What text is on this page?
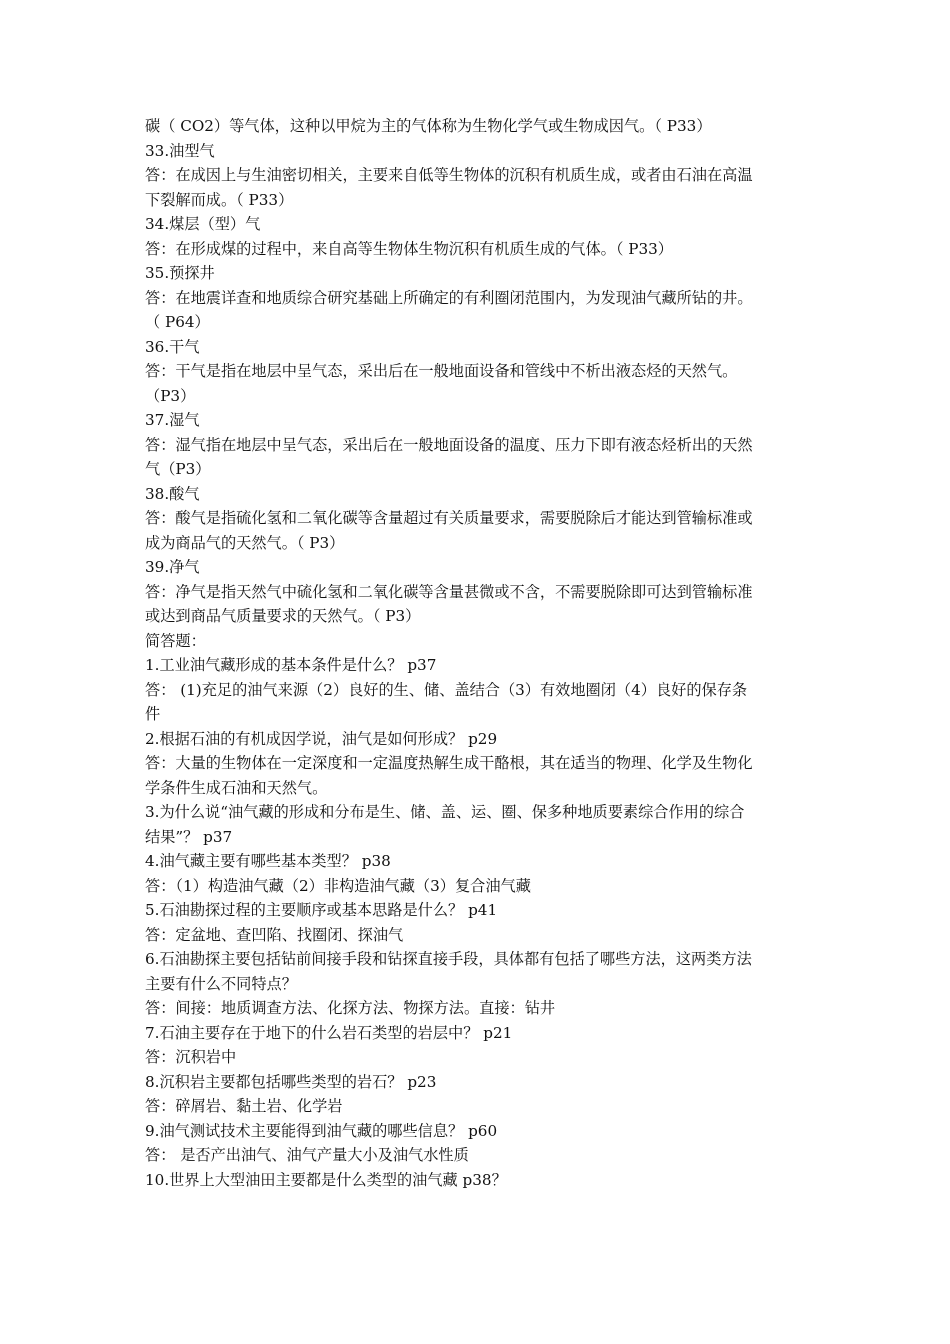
碳（ CO2）等气体，这种以甲烷为主的气体称为生物化学气或生物成因气。（ P33）
33.油型气
答：在成因上与生油密切相关，主要来自低等生物体的沉积有机质生成，或者由石油在高温
下裂解而成。（ P33）
34.煤层（型）气
答：在形成煤的过程中，来自高等生物体生物沉积有机质生成的气体。（ P33）
35.预探井
答：在地震详查和地质综合研究基础上所确定的有利圈闭范围内，为发现油气藏所钻的井。
（ P64）
36.干气
答：干气是指在地层中呈气态，采出后在一般地面设备和管线中不析出液态烃的天然气。
（P3）
37.湿气
答：湿气指在地层中呈气态，采出后在一般地面设备的温度、压力下即有液态烃析出的天然
气（P3）
38.酸气
答：酸气是指硫化氢和二氧化碳等含量超过有关质量要求，需要脱除后才能达到管输标准或
成为商品气的天然气。（ P3）
39.净气
答：净气是指天然气中硫化氢和二氧化碳等含量甚微或不含，不需要脱除即可达到管输标准
或达到商品气质量要求的天然气。（ P3）
简答题：
1.工业油气藏形成的基本条件是什么？ p37
答： (1)充足的油气来源（2）良好的生、储、盖结合（3）有效地圈闭（4）良好的保存条
件
2.根据石油的有机成因学说，油气是如何形成？ p29
答：大量的生物体在一定深度和一定温度热解生成干酪根，其在适当的物理、化学及生物化
学条件生成石油和天然气。
3.为什么说“油气藏的形成和分布是生、储、盖、运、圈、保多种地质要素综合作用的综合
结果”？ p37
4.油气藏主要有哪些基本类型？ p38
答：（1）构造油气藏（2）非构造油气藏（3）复合油气藏
5.石油勘探过程的主要顺序或基本思路是什么？ p41
答：定盆地、查凹陷、找圈闭、探油气
6.石油勘探主要包括钻前间接手段和钻探直接手段，具体都有包括了哪些方法，这两类方法
主要有什么不同特点？
答：间接：地质调查方法、化探方法、物探方法。直接：钻井
7.石油主要存在于地下的什么岩石类型的岩层中？ p21
答：沉积岩中
8.沉积岩主要都包括哪些类型的岩石？ p23
答：碎屑岩、黏土岩、化学岩
9.油气测试技术主要能得到油气藏的哪些信息？ p60
答： 是否产出油气、油气产量大小及油气水性质
10.世界上大型油田主要都是什么类型的油气藏 p38？
